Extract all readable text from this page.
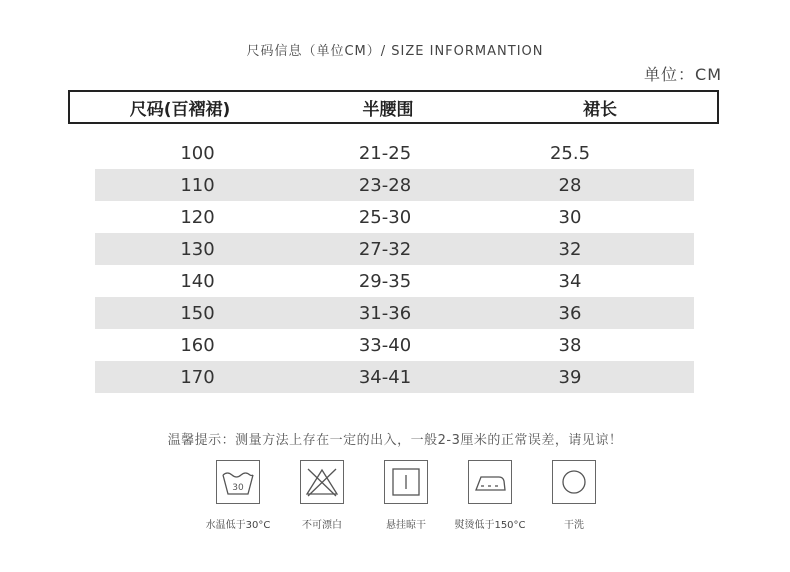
尺码信息（单位CM）/ SIZE INFORMANTION
单位：CM
尺码(百褶裙)	半腰围	裙长
100	21-25	25.5
110	23-28	28
120	25-30	30
130	27-32	32
140	29-35	34
150	31-36	36
160	33-40	38
170	34-41	39
温馨提示：测量方法上存在一定的出入，一般2-3厘米的正常误差，请见谅！
30
水温低于30°C	不可漂白	悬挂晾干	熨烫低于150°C	干洗
